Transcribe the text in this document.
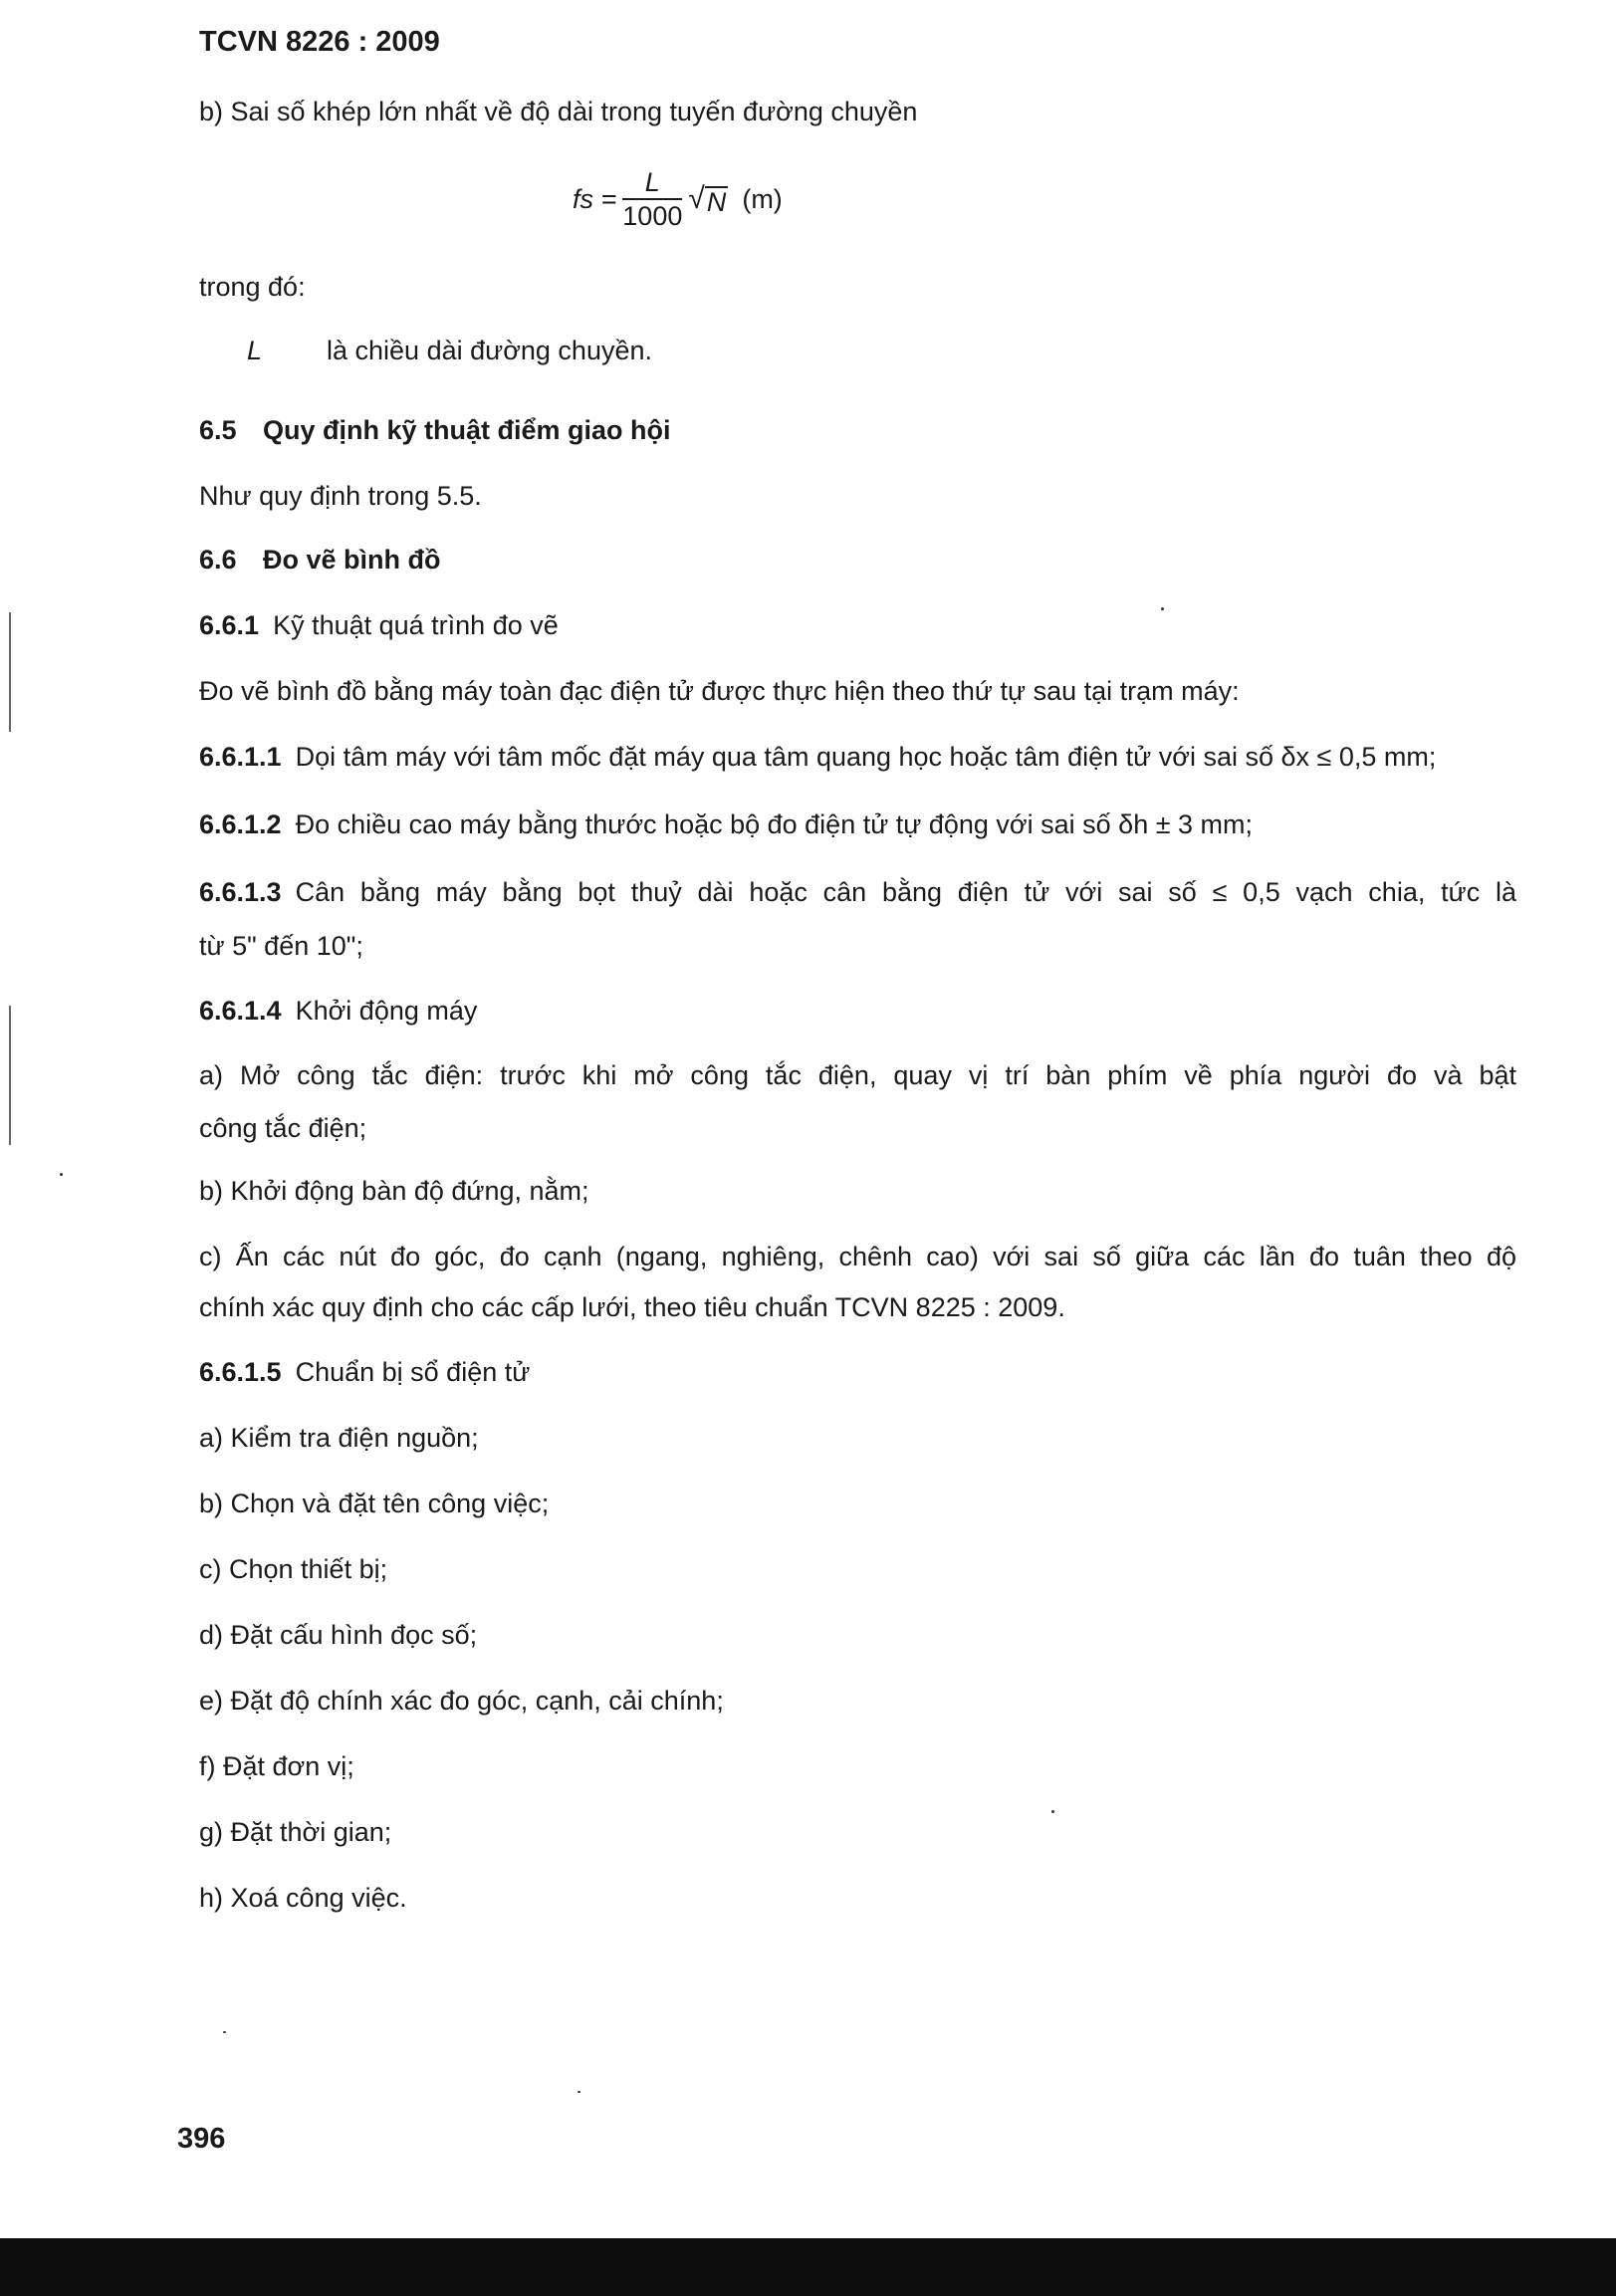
TCVN 8226 : 2009
b) Sai số khép lớn nhất về độ dài trong tuyến đường chuyền
fs = $\frac{L}{1000}$ √ N (m)
trong đó:
L là chiều dài đường chuyền.
6.5 Quy định kỹ thuật điểm giao hội
Như quy định trong 5.5.
6.6 Đo vẽ bình đồ
6.6.1 Kỹ thuật quá trình đo vẽ
Đo vẽ bình đồ bằng máy toàn đạc điện tử được thực hiện theo thứ tự sau tại trạm máy:
6.6.1.1 Dọi tâm máy với tâm mốc đặt máy qua tâm quang học hoặc tâm điện tử với sai số δx ≤ 0,5 mm;
6.6.1.2 Đo chiều cao máy bằng thước hoặc bộ đo điện tử tự động với sai số δh ± 3 mm;
6.6.1.3 Cân bằng máy bằng bọt thuỷ dài hoặc cân bằng điện tử với sai số ≤ 0,5 vạch chia, tức là
từ 5" đến 10";
6.6.1.4 Khởi động máy
a) Mở công tắc điện: trước khi mở công tắc điện, quay vị trí bàn phím về phía người đo và bật
công tắc điện;
b) Khởi động bàn độ đứng, nằm;
c) Ấn các nút đo góc, đo cạnh (ngang, nghiêng, chênh cao) với sai số giữa các lần đo tuân theo độ
chính xác quy định cho các cấp lưới, theo tiêu chuẩn TCVN 8225 : 2009.
6.6.1.5 Chuẩn bị sổ điện tử
a) Kiểm tra điện nguồn;
b) Chọn và đặt tên công việc;
c) Chọn thiết bị;
d) Đặt cấu hình đọc số;
e) Đặt độ chính xác đo góc, cạnh, cải chính;
f) Đặt đơn vị;
g) Đặt thời gian;
h) Xoá công việc.
396
